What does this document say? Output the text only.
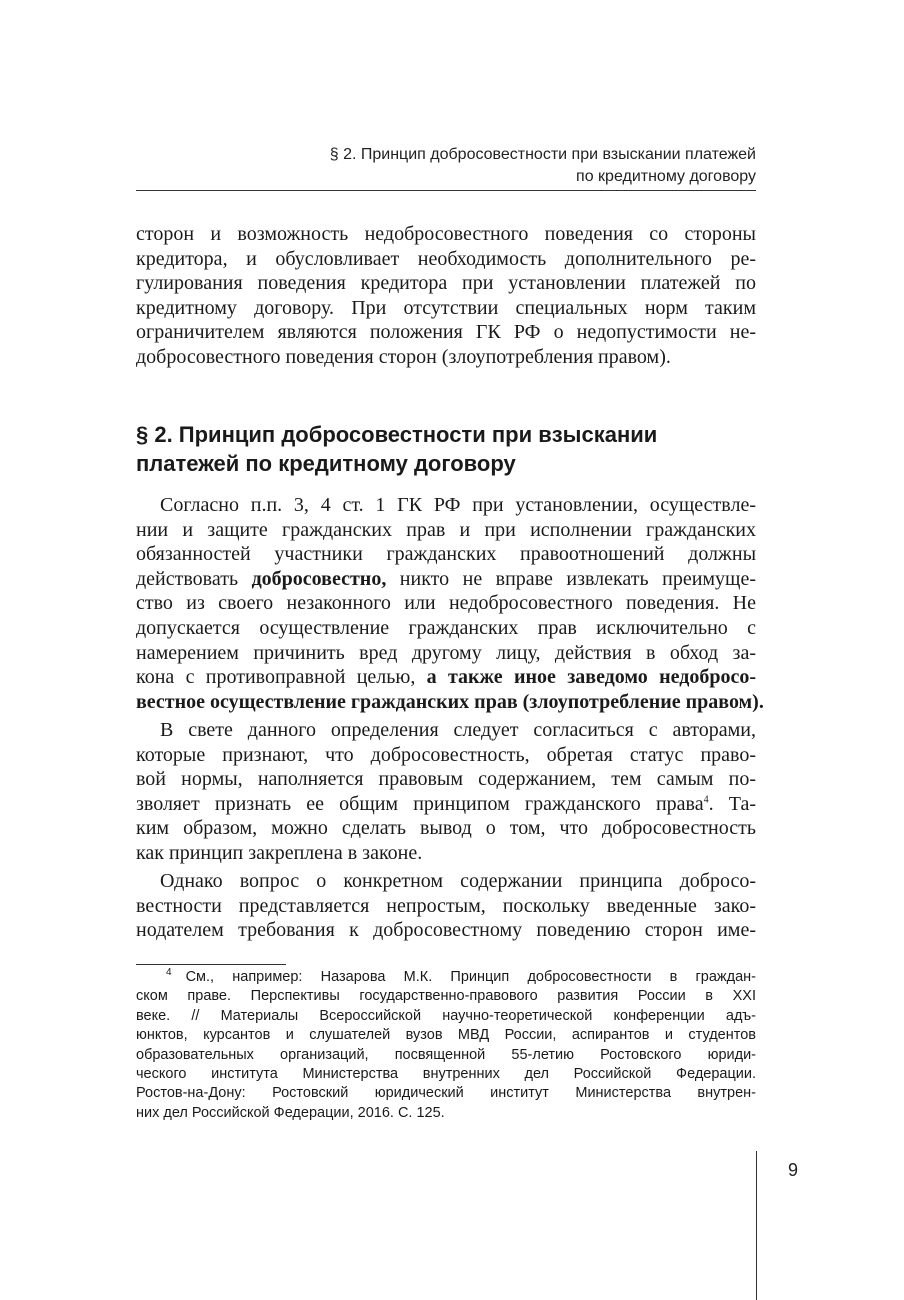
§ 2. Принцип добросовестности при взыскании платежей
по кредитному договору
сторон и возможность недобросовестного поведения со стороны
кредитора, и обусловливает необходимость дополнительного ре-
гулирования поведения кредитора при установлении платежей по
кредитному договору. При отсутствии специальных норм таким
ограничителем являются положения ГК РФ о недопустимости не-
добросовестного поведения сторон (злоупотребления правом).
§ 2. Принцип добросовестности при взыскании
платежей по кредитному договору
Согласно п.п. 3, 4 ст. 1 ГК РФ при установлении, осуществле-
нии и защите гражданских прав и при исполнении гражданских
обязанностей участники гражданских правоотношений должны
действовать добросовестно, никто не вправе извлекать преимуще-
ство из своего незаконного или недобросовестного поведения. Не
допускается осуществление гражданских прав исключительно с
намерением причинить вред другому лицу, действия в обход за-
кона с противоправной целью, а также иное заведомо недобросо-
вестное осуществление гражданских прав (злоупотребление правом).
В свете данного определения следует согласиться с авторами,
которые признают, что добросовестность, обретая статус право-
вой нормы, наполняется правовым содержанием, тем самым по-
зволяет признать ее общим принципом гражданского права$^4$. Та-
ким образом, можно сделать вывод о том, что добросовестность
как принцип закреплена в законе.
Однако вопрос о конкретном содержании принципа добросо-
вестности представляется непростым, поскольку введенные зако-
нодателем требования к добросовестному поведению сторон име-
$^4$ См., например: Назарова М.К. Принцип добросовестности в граждан-
ском праве. Перспективы государственно-правового развития России в XXI
веке. // Материалы Всероссийской научно-теоретической конференции адъ-
юнктов, курсантов и слушателей вузов МВД России, аспирантов и студентов
образовательных организаций, посвященной 55-летию Ростовского юриди-
ческого института Министерства внутренних дел Российской Федерации.
Ростов-на-Дону: Ростовский юридический институт Министерства внутрен-
них дел Российской Федерации, 2016. С. 125.
9
